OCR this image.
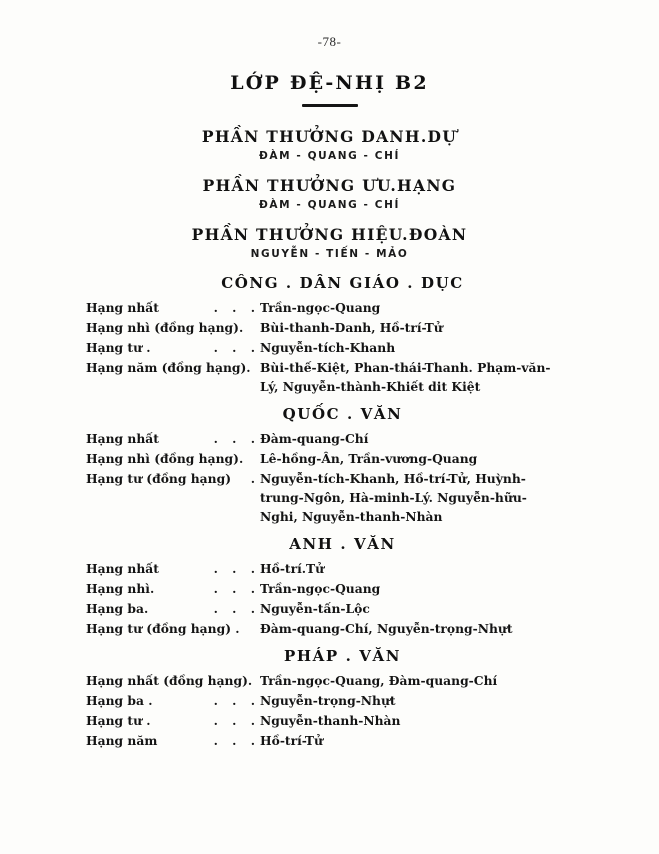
-78-
LỚP ĐỆ-NHỊ B2
PHẦN THƯỞNG DANH.DỰ
ĐÀM - QUANG - CHÍ
PHẦN THƯỞNG ƯU.HẠNG
ĐÀM - QUANG - CHÍ
PHẦN THƯỞNG HIỆU.ĐOÀN
NGUYỄN - TIẾN - MẢO
CÔNG . DÂN GIÁO . DỤC
Hạng nhất	. . . Trần-ngọc-Quang
Hạng nhì (đồng hạng).	Bùi-thanh-Danh, Hồ-trí-Tử
Hạng tư .	. . . Nguyễn-tích-Khanh
Hạng năm (đồng hạng). Bùi-thế-Kiệt, Phan-thái-Thanh. Phạm-văn-Lý, Nguyễn-thành-Khiết dit Kiệt
QUỐC . VĂN
Hạng nhất	. . . Đàm-quang-Chí
Hạng nhì (đồng hạng).	Lê-hồng-Ân, Trần-vương-Quang
Hạng tư (đồng hạng)	. Nguyễn-tích-Khanh, Hồ-trí-Tử, Huỳnh-trung-Ngôn, Hà-minh-Lý. Nguyễn-hữu-Nghi, Nguyễn-thanh-Nhàn
ANH . VĂN
Hạng nhất	. . . Hồ-trí.Tử
Hạng nhì.	. . . Trần-ngọc-Quang
Hạng ba.	. . . Nguyễn-tấn-Lộc
Hạng tư (đồng hạng) .	Đàm-quang-Chí, Nguyễn-trọng-Nhựt
PHÁP . VĂN
Hạng nhất (đồng hạng). Trần-ngọc-Quang, Đàm-quang-Chí
Hạng ba .	. . . Nguyễn-trọng-Nhựt
Hạng tư .	. . . Nguyễn-thanh-Nhàn
Hạng năm	. . . Hồ-trí-Tử
